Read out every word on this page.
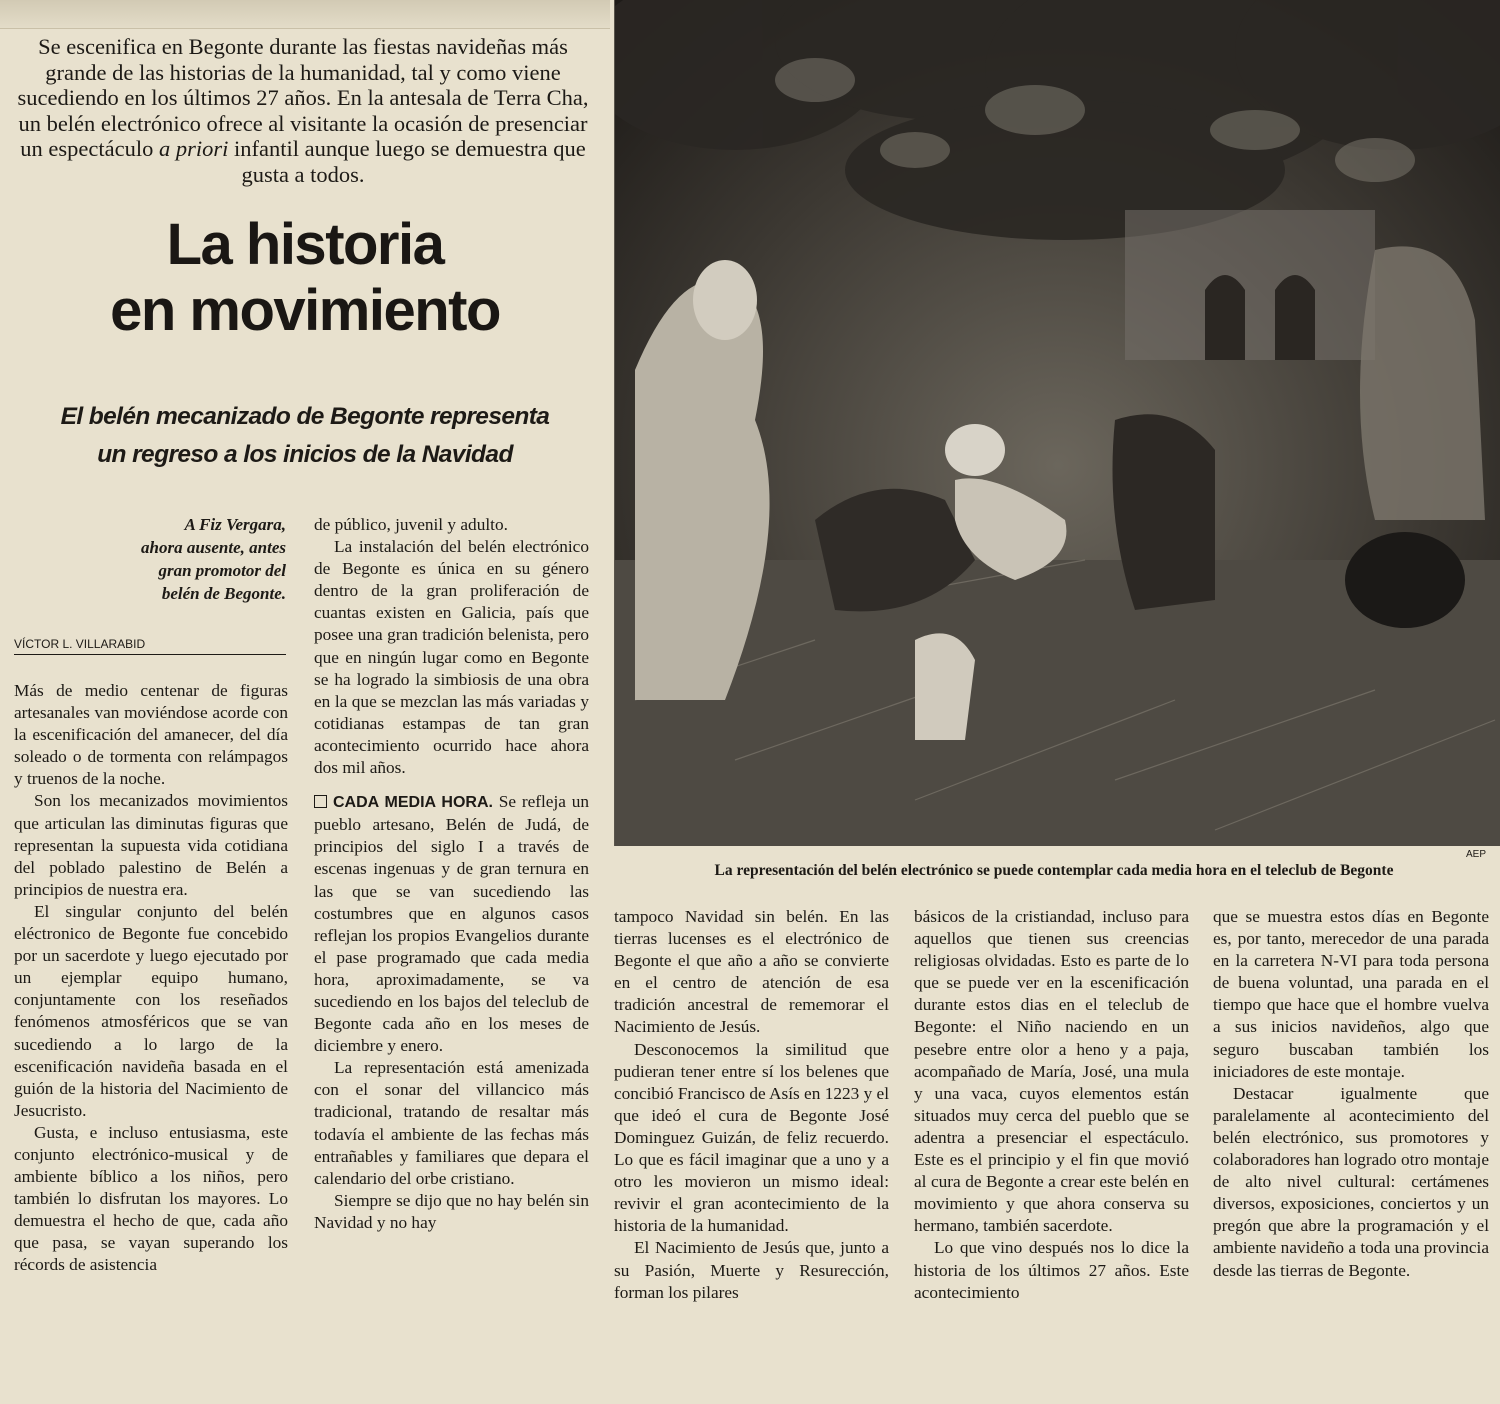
Se escenifica en Begonte durante las fiestas navideñas más grande de las historias de la humanidad, tal y como viene sucediendo en los últimos 27 años. En la antesala de Terra Cha, un belén electrónico ofrece al visitante la ocasión de presenciar un espectáculo a priori infantil aunque luego se demuestra que gusta a todos.
La historia
en movimiento
El belén mecanizado de Begonte representa
un regreso a los inicios de la Navidad
A Fiz Vergara,
ahora ausente, antes
gran promotor del
belén de Begonte.
VÍCTOR L. VILLARABID

Más de medio centenar de figuras artesanales van moviéndose acorde con la escenificación del amanecer, del día soleado o de tormenta con relámpagos y truenos de la noche.

Son los mecanizados movimientos que articulan las diminutas figuras que representan la supuesta vida cotidiana del poblado palestino de Belén a principios de nuestra era.

El singular conjunto del belén eléctronico de Begonte fue concebido por un sacerdote y luego ejecutado por un ejemplar equipo humano, conjuntamente con los reseñados fenómenos atmosféricos que se van sucediendo a lo largo de la escenificación navideña basada en el guión de la historia del Nacimiento de Jesucristo.

Gusta, e incluso entusiasma, este conjunto electrónico-musical y de ambiente bíblico a los niños, pero también lo disfrutan los mayores. Lo demuestra el hecho de que, cada año que pasa, se vayan superando los récords de asistencia

de público, juvenil y adulto.

La instalación del belén electrónico de Begonte es única en su género dentro de la gran proliferación de cuantas existen en Galicia, país que posee una gran tradición belenista, pero que en ningún lugar como en Begonte se ha logrado la simbiosis de una obra en la que se mezclan las más variadas y cotidianas estampas de tan gran acontecimiento ocurrido hace ahora dos mil años.

CADA MEDIA HORA. Se refleja un pueblo artesano, Belén de Judá, de principios del siglo I a través de escenas ingenuas y de gran ternura en las que se van sucediendo las costumbres que en algunos casos reflejan los propios Evangelios durante el pase programado que cada media hora, aproximadamente, se va sucediendo en los bajos del teleclub de Begonte cada año en los meses de diciembre y enero.

La representación está amenizada con el sonar del villancico más tradicional, tratando de resaltar más todavía el ambiente de las fechas más entrañables y familiares que depara el calendario del orbe cristiano.

Siempre se dijo que no hay belén sin Navidad y no hay

tampoco Navidad sin belén. En las tierras lucenses es el electrónico de Begonte el que año a año se convierte en el centro de atención de esa tradición ancestral de rememorar el Nacimiento de Jesús.

Desconocemos la similitud que pudieran tener entre sí los belenes que concibió Francisco de Asís en 1223 y el que ideó el cura de Begonte José Dominguez Guizán, de feliz recuerdo. Lo que es fácil imaginar que a uno y a otro les movieron un mismo ideal: revivir el gran acontecimiento de la historia de la humanidad.

El Nacimiento de Jesús que, junto a su Pasión, Muerte y Resurección, forman los pilares

básicos de la cristiandad, incluso para aquellos que tienen sus creencias religiosas olvidadas. Esto es parte de lo que se puede ver en la escenificación durante estos dias en el teleclub de Begonte: el Niño naciendo en un pesebre entre olor a heno y a paja, acompañado de María, José, una mula y una vaca, cuyos elementos están situados muy cerca del pueblo que se adentra a presenciar el espectáculo. Este es el principio y el fin que movió al cura de Begonte a crear este belén en movimiento y que ahora conserva su hermano, también sacerdote.

Lo que vino después nos lo dice la historia de los últimos 27 años. Este acontecimiento

que se muestra estos días en Begonte es, por tanto, merecedor de una parada en la carretera N-VI para toda persona de buena voluntad, una parada en el tiempo que hace que el hombre vuelva a sus inicios navideños, algo que seguro buscaban también los iniciadores de este montaje.

Destacar igualmente que paralelamente al acontecimiento del belén electrónico, sus promotores y colaboradores han logrado otro montaje de alto nivel cultural: certámenes diversos, exposiciones, conciertos y un pregón que abre la programación y el ambiente navideño a toda una provincia desde las tierras de Begonte.

AEP
La representación del belén electrónico se puede contemplar cada media hora en el teleclub de Begonte
